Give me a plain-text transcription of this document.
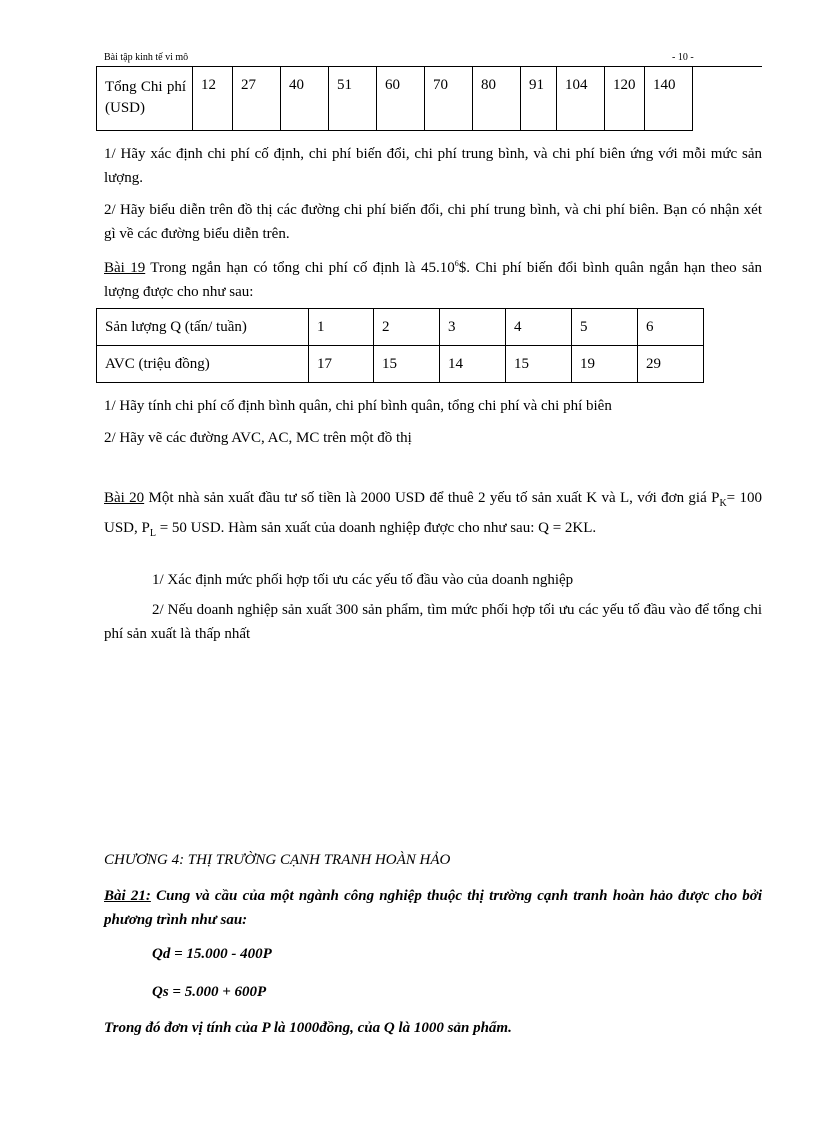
Bài tập kinh tế vi mô	- 10 -
Tổng Chi phí (USD)	12	27	40	51	60	70	80	91	104	120	140

1/ Hãy xác định chi phí cố định, chi phí biến đổi, chi phí trung bình, và chi phí biên ứng với mỗi mức sản lượng.

2/ Hãy biểu diễn trên đồ thị các đường chi phí biến đổi, chi phí trung bình, và chi phí biên. Bạn có nhận xét gì về các đường biểu diễn trên.

Bài 19 Trong ngắn hạn có tổng chi phí cố định là 45.10$^6$\$. Chi phí biến đổi bình quân ngắn hạn theo sản lượng được cho như sau:

Sản lượng Q (tấn/ tuần)	1	2	3	4	5	6
AVC (triệu đồng)	17	15	14	15	19	29

1/ Hãy tính chi phí cố định bình quân, chi phí bình quân, tổng chi phí và chi phí biên

2/ Hãy vẽ các đường AVC, AC, MC trên một đồ thị

Bài 20 Một nhà sản xuất đầu tư số tiền là 2000 USD để thuê 2 yếu tố sản xuất K và L, với đơn giá $P_K= 100$ USD, $P_L = 50$ USD. Hàm sản xuất của doanh nghiệp được cho như sau: Q = 2KL.

1/ Xác định mức phối hợp tối ưu các yếu tố đầu vào của doanh nghiệp

2/ Nếu doanh nghiệp sản xuất 300 sản phẩm, tìm mức phối hợp tối ưu các yếu tố đầu vào để tổng chi phí sản xuất là thấp nhất

CHƯƠNG 4: THỊ TRƯỜNG CẠNH TRANH HOÀN HẢO

Bài 21: Cung và cầu của một ngành công nghiệp thuộc thị trường cạnh tranh hoàn hảo được cho bởi phương trình như sau:

Qd = 15.000 - 400P

Qs = 5.000 + 600P

Trong đó đơn vị tính của P là 1000đồng, của Q là 1000 sản phẩm.
